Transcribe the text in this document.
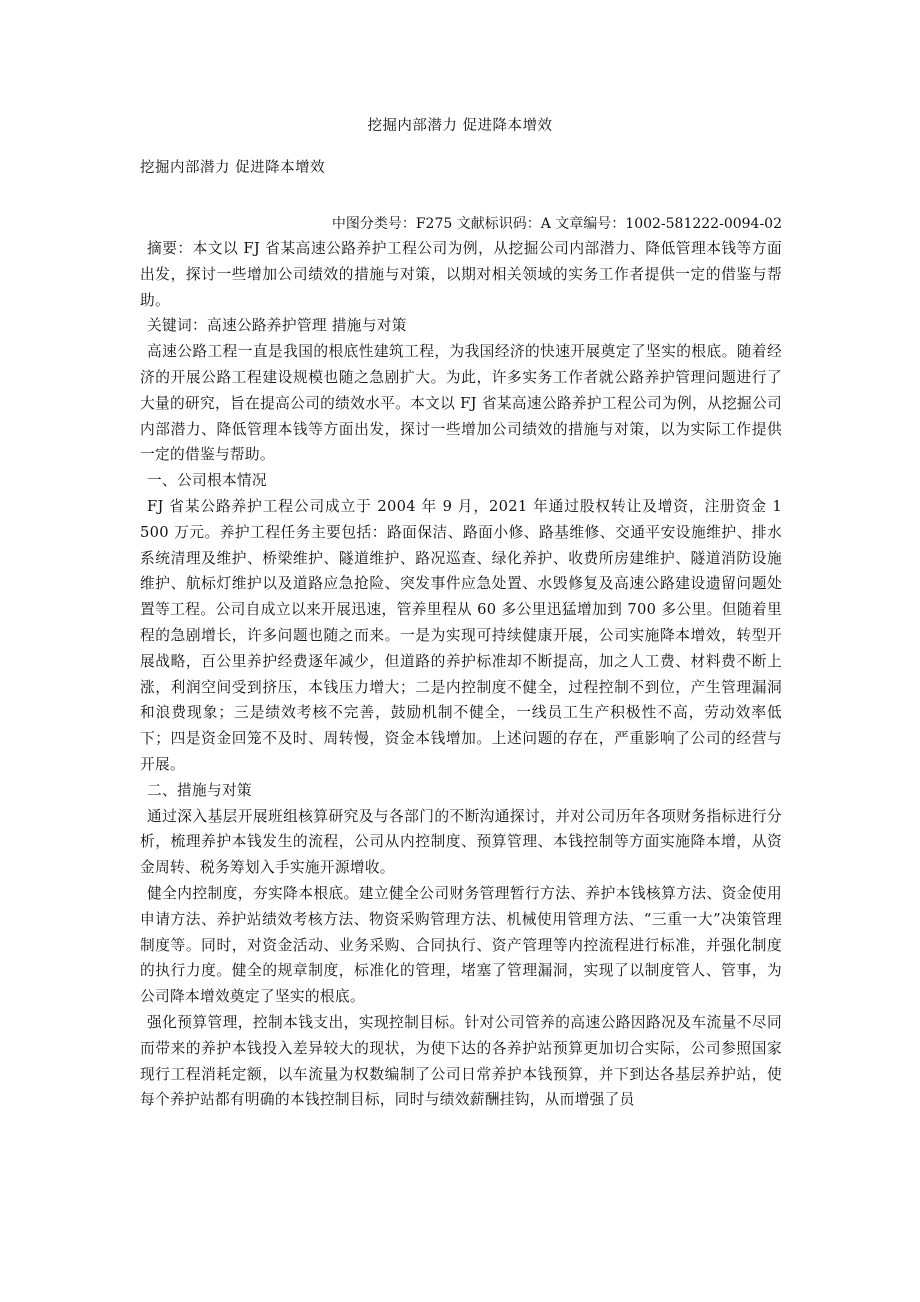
挖掘内部潜力 促进降本增效
挖掘内部潜力 促进降本增效
中图分类号：F275 文献标识码：A 文章编号：1002-581222-0094-02

摘要：本文以 FJ 省某高速公路养护工程公司为例，从挖掘公司内部潜力、降低管理本钱等方面出发，探讨一些增加公司绩效的措施与对策，以期对相关领域的实务工作者提供一定的借鉴与帮助。

关键词：高速公路养护管理 措施与对策

高速公路工程一直是我国的根底性建筑工程，为我国经济的快速开展奠定了坚实的根底。随着经济的开展公路工程建设规模也随之急剧扩大。为此，许多实务工作者就公路养护管理问题进行了大量的研究，旨在提高公司的绩效水平。本文以 FJ 省某高速公路养护工程公司为例，从挖掘公司内部潜力、降低管理本钱等方面出发，探讨一些增加公司绩效的措施与对策，以为实际工作提供一定的借鉴与帮助。

一、公司根本情况

FJ 省某公路养护工程公司成立于 2004 年 9 月，2021 年通过股权转让及增资，注册资金 1 500 万元。养护工程任务主要包括：路面保洁、路面小修、路基维修、交通平安设施维护、排水系统清理及维护、桥梁维护、隧道维护、路况巡查、绿化养护、收费所房建维护、隧道消防设施维护、航标灯维护以及道路应急抢险、突发事件应急处置、水毁修复及高速公路建设遗留问题处置等工程。公司自成立以来开展迅速，管养里程从 60 多公里迅猛增加到 700 多公里。但随着里程的急剧增长，许多问题也随之而来。一是为实现可持续健康开展，公司实施降本增效，转型开展战略，百公里养护经费逐年减少，但道路的养护标准却不断提高，加之人工费、材料费不断上涨，利润空间受到挤压，本钱压力增大；二是内控制度不健全，过程控制不到位，产生管理漏洞和浪费现象；三是绩效考核不完善，鼓励机制不健全，一线员工生产积极性不高，劳动效率低下；四是资金回笼不及时、周转慢，资金本钱增加。上述问题的存在，严重影响了公司的经营与开展。

二、措施与对策

通过深入基层开展班组核算研究及与各部门的不断沟通探讨，并对公司历年各项财务指标进行分析，梳理养护本钱发生的流程，公司从内控制度、预算管理、本钱控制等方面实施降本增，从资金周转、税务筹划入手实施开源增收。

健全内控制度，夯实降本根底。建立健全公司财务管理暂行方法、养护本钱核算方法、资金使用申请方法、养护站绩效考核方法、物资采购管理方法、机械使用管理方法、“三重一大”决策管理制度等。同时，对资金活动、业务采购、合同执行、资产管理等内控流程进行标准，并强化制度的执行力度。健全的规章制度，标准化的管理，堵塞了管理漏洞，实现了以制度管人、管事，为公司降本增效奠定了坚实的根底。

强化预算管理，控制本钱支出，实现控制目标。针对公司管养的高速公路因路况及车流量不尽同而带来的养护本钱投入差异较大的现状，为使下达的各养护站预算更加切合实际，公司参照国家现行工程消耗定额，以车流量为权数编制了公司日常养护本钱预算，并下到达各基层养护站，使每个养护站都有明确的本钱控制目标，同时与绩效薪酬挂钩，从而增强了员
